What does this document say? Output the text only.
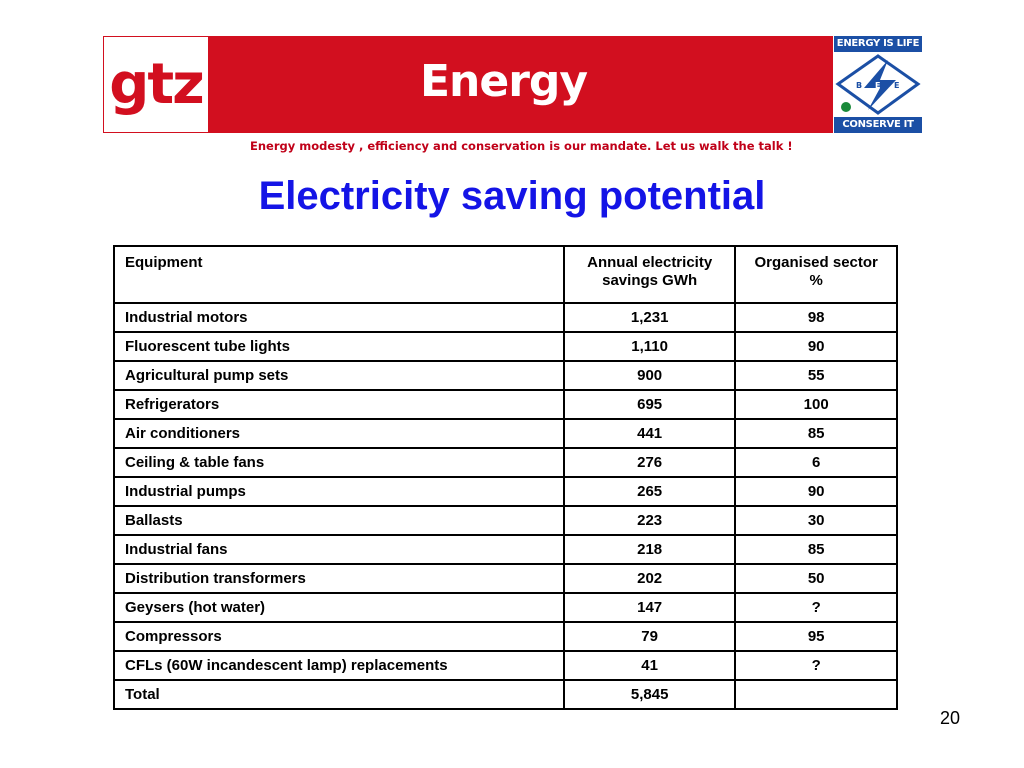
gtz	Energy
ENERGY IS LIFE
B E E
CONSERVE IT
Energy modesty , efficiency and conservation is our mandate. Let us walk the talk !
Electricity saving potential
Equipment	Annual electricity savings GWh	Organised sector %
Industrial motors	1,231	98
Fluorescent tube lights	1,110	90
Agricultural pump sets	900	55
Refrigerators	695	100
Air conditioners	441	85
Ceiling & table fans	276	6
Industrial pumps	265	90
Ballasts	223	30
Industrial fans	218	85
Distribution transformers	202	50
Geysers (hot water)	147	?
Compressors	79	95
CFLs (60W incandescent lamp) replacements	41	?
Total	5,845	
20
